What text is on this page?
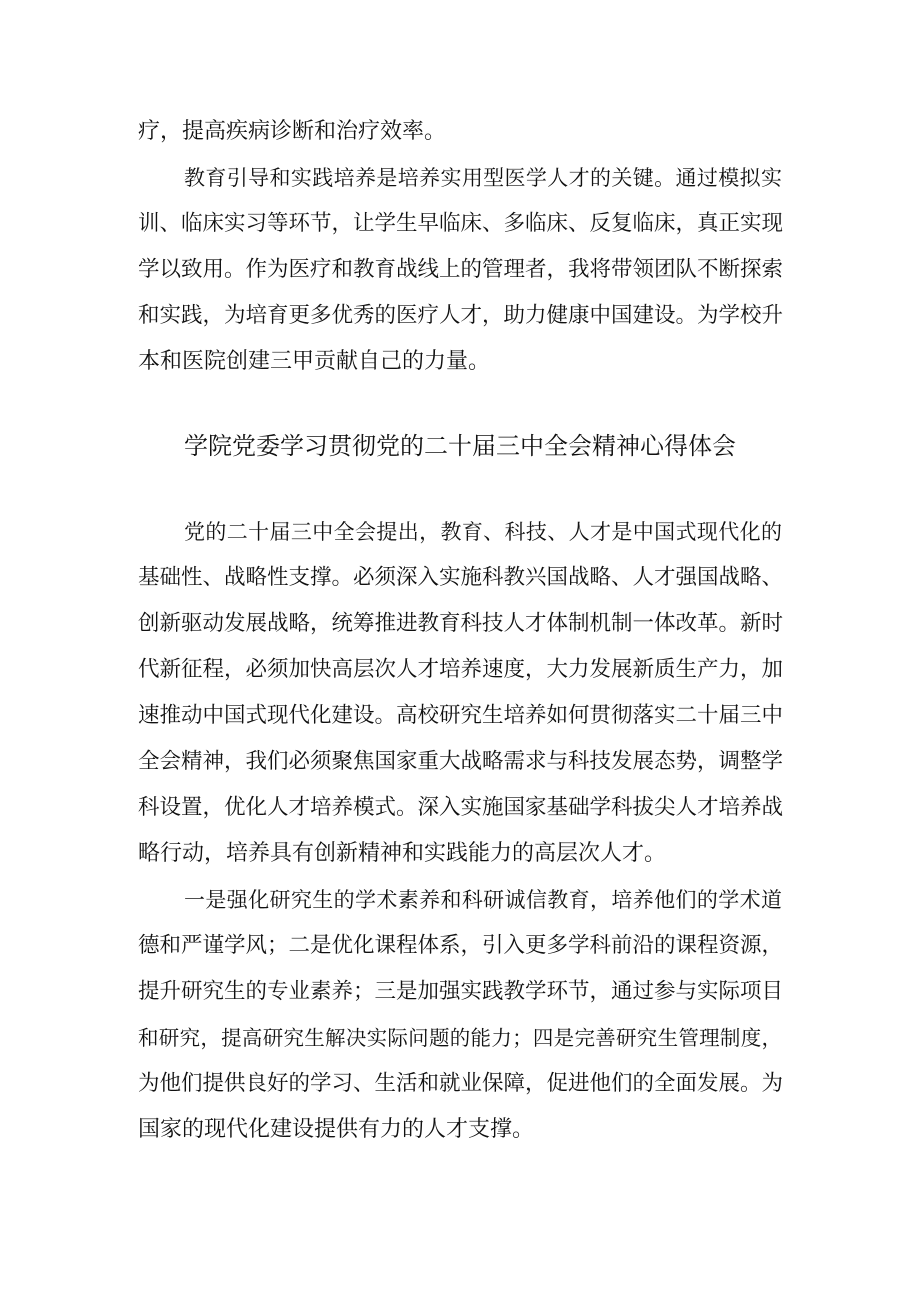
疗，提高疾病诊断和治疗效率。
教育引导和实践培养是培养实用型医学人才的关键。通过模拟实
训、临床实习等环节，让学生早临床、多临床、反复临床，真正实现
学以致用。作为医疗和教育战线上的管理者，我将带领团队不断探索
和实践，为培育更多优秀的医疗人才，助力健康中国建设。为学校升
本和医院创建三甲贡献自己的力量。
学院党委学习贯彻党的二十届三中全会精神心得体会
党的二十届三中全会提出，教育、科技、人才是中国式现代化的
基础性、战略性支撑。必须深入实施科教兴国战略、人才强国战略、
创新驱动发展战略，统筹推进教育科技人才体制机制一体改革。新时
代新征程，必须加快高层次人才培养速度，大力发展新质生产力，加
速推动中国式现代化建设。高校研究生培养如何贯彻落实二十届三中
全会精神，我们必须聚焦国家重大战略需求与科技发展态势，调整学
科设置，优化人才培养模式。深入实施国家基础学科拔尖人才培养战
略行动，培养具有创新精神和实践能力的高层次人才。
一是强化研究生的学术素养和科研诚信教育，培养他们的学术道
德和严谨学风；二是优化课程体系，引入更多学科前沿的课程资源，
提升研究生的专业素养；三是加强实践教学环节，通过参与实际项目
和研究，提高研究生解决实际问题的能力；四是完善研究生管理制度，
为他们提供良好的学习、生活和就业保障，促进他们的全面发展。为
国家的现代化建设提供有力的人才支撑。
